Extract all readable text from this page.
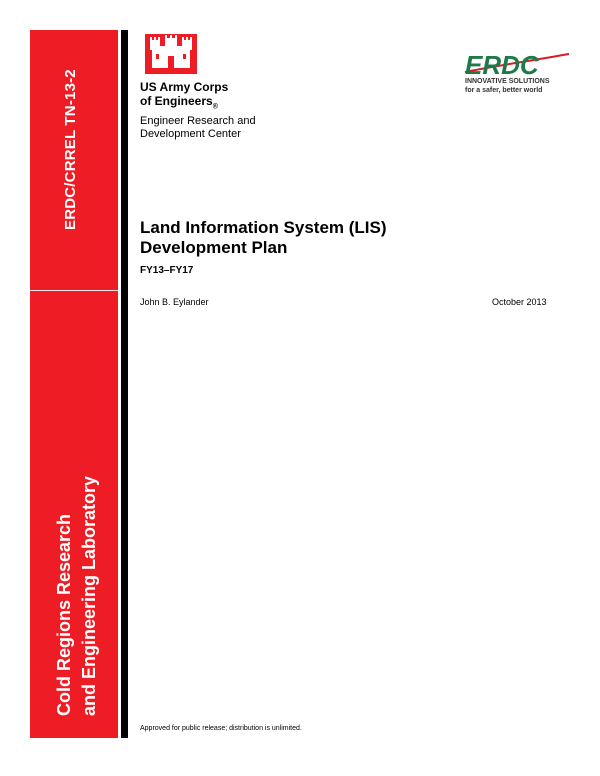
ERDC/CRREL TN-13-2
Cold Regions Research and Engineering Laboratory
US Army Corps
of Engineers$_®$
Engineer Research and
Development Center
ERDC
INNOVATIVE SOLUTIONS
for a safer, better world
Land Information System (LIS)
Development Plan
FY13–FY17
John B. Eylander	October 2013
Approved for public release; distribution is unlimited.
